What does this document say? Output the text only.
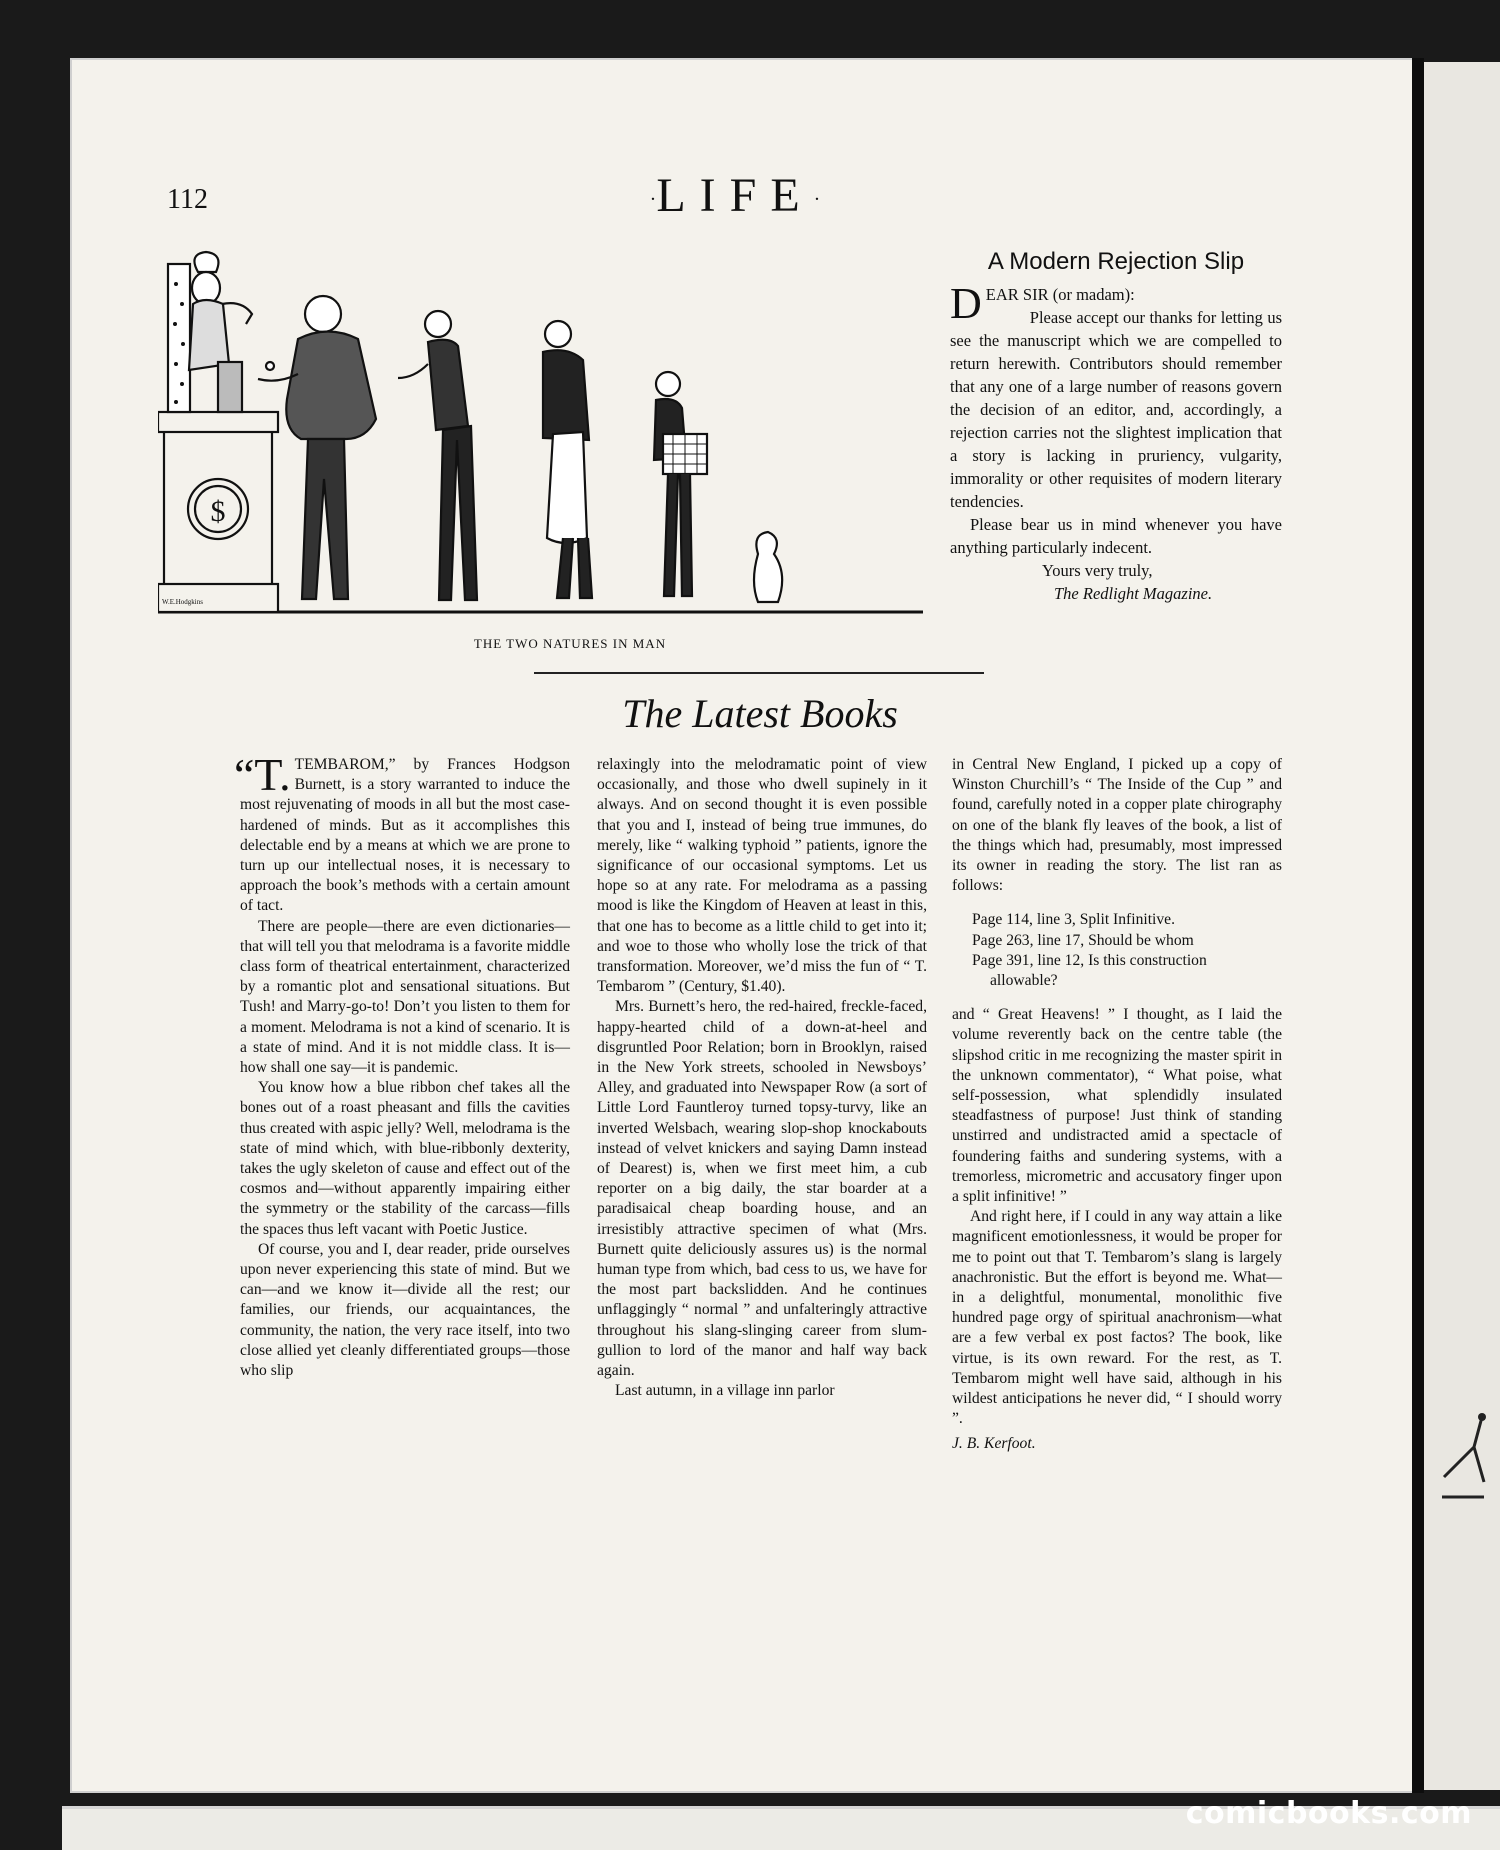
112	·LIFE·
$
W.E.Hodgkins
THE TWO NATURES IN MAN
A Modern Rejection Slip

DEAR SIR (or madam):
Please accept our thanks for letting us see the manuscript which we are compelled to return herewith. Contributors should remember that any one of a large number of reasons govern the decision of an editor, and, accordingly, a rejection carries not the slightest implication that a story is lacking in pruriency, vulgarity, immorality or other requisites of modern literary tendencies.

Please bear us in mind whenever you have anything particularly indecent.

Yours very truly,

The Redlight Magazine.

The Latest Books

“T. TEMBAROM,” by Frances Hodgson Burnett, is a story warranted to induce the most rejuvenating of moods in all but the most case-hardened of minds. But as it accomplishes this delectable end by a means at which we are prone to turn up our intellectual noses, it is necessary to approach the book’s methods with a certain amount of tact.

There are people—there are even dictionaries—that will tell you that melodrama is a favorite middle class form of theatrical entertainment, characterized by a romantic plot and sensational situations. But Tush! and Marry-go-to! Don’t you listen to them for a moment. Melodrama is not a kind of scenario. It is a state of mind. And it is not middle class. It is—how shall one say—it is pandemic.

You know how a blue ribbon chef takes all the bones out of a roast pheasant and fills the cavities thus created with aspic jelly? Well, melodrama is the state of mind which, with blue-ribbonly dexterity, takes the ugly skeleton of cause and effect out of the cosmos and—without apparently impairing either the symmetry or the stability of the carcass—fills the spaces thus left vacant with Poetic Justice.

Of course, you and I, dear reader, pride ourselves upon never experiencing this state of mind. But we can—and we know it—divide all the rest; our families, our friends, our acquaintances, the community, the nation, the very race itself, into two close allied yet cleanly differentiated groups—those who slip

relaxingly into the melodramatic point of view occasionally, and those who dwell supinely in it always. And on second thought it is even possible that you and I, instead of being true immunes, do merely, like “ walking typhoid ” patients, ignore the significance of our occasional symptoms. Let us hope so at any rate. For melodrama as a passing mood is like the Kingdom of Heaven at least in this, that one has to become as a little child to get into it; and woe to those who wholly lose the trick of that transformation. Moreover, we’d miss the fun of “ T. Tembarom ” (Century, $1.40).

Mrs. Burnett’s hero, the red-haired, freckle-faced, happy-hearted child of a down-at-heel and disgruntled Poor Relation; born in Brooklyn, raised in the New York streets, schooled in Newsboys’ Alley, and graduated into Newspaper Row (a sort of Little Lord Fauntleroy turned topsy-turvy, like an inverted Welsbach, wearing slop-shop knockabouts instead of velvet knickers and saying Damn instead of Dearest) is, when we first meet him, a cub reporter on a big daily, the star boarder at a paradisaical cheap boarding house, and an irresistibly attractive specimen of what (Mrs. Burnett quite deliciously assures us) is the normal human type from which, bad cess to us, we have for the most part backslidden. And he continues unflaggingly “ normal ” and unfalteringly attractive throughout his slang-slinging career from slum-gullion to lord of the manor and half way back again.

Last autumn, in a village inn parlor

in Central New England, I picked up a copy of Winston Churchill’s “ The Inside of the Cup ” and found, carefully noted in a copper plate chirography on one of the blank fly leaves of the book, a list of the things which had, presumably, most impressed its owner in reading the story. The list ran as follows:

Page 114, line 3, Split Infinitive.
Page 263, line 17, Should be whom
Page 391, line 12, Is this construction
allowable?

and “ Great Heavens! ” I thought, as I laid the volume reverently back on the centre table (the slipshod critic in me recognizing the master spirit in the unknown commentator), “ What poise, what self-possession, what splendidly insulated steadfastness of purpose! Just think of standing unstirred and undistracted amid a spectacle of foundering faiths and sundering systems, with a tremorless, micrometric and accusatory finger upon a split infinitive! ”

And right here, if I could in any way attain a like magnificent emotionlessness, it would be proper for me to point out that T. Tembarom’s slang is largely anachronistic. But the effort is beyond me. What—in a delightful, monumental, monolithic five hundred page orgy of spiritual anachronism—what are a few verbal ex post factos? The book, like virtue, is its own reward. For the rest, as T. Tembarom might well have said, although in his wildest anticipations he never did, “ I should worry ”.

J. B. Kerfoot.

comicbooks.com
